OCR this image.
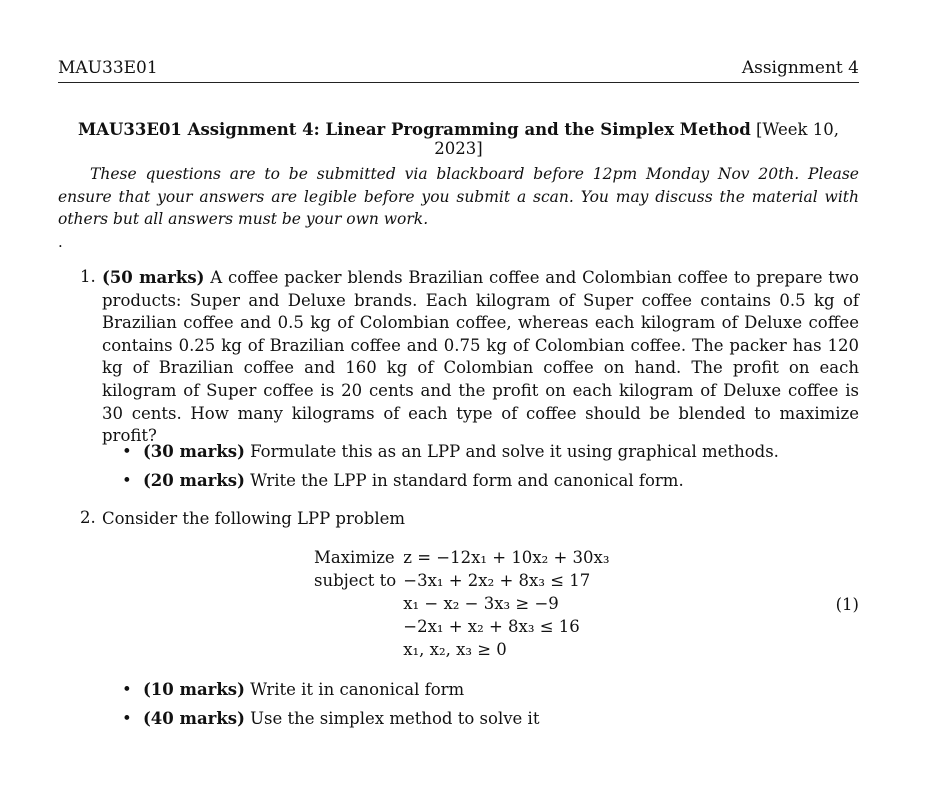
MAU33E01	Assignment 4
MAU33E01 Assignment 4: Linear Programming and the Simplex Method [Week 10, 2023]
These questions are to be submitted via blackboard before 12pm Monday Nov 20th. Please ensure that your answers are legible before you submit a scan. You may discuss the material with others but all answers must be your own work.
.
1. (50 marks) A coffee packer blends Brazilian coffee and Colombian coffee to prepare two products: Super and Deluxe brands. Each kilogram of Super coffee contains 0.5 kg of Brazilian coffee and 0.5 kg of Colombian coffee, whereas each kilogram of Deluxe coffee contains 0.25 kg of Brazilian coffee and 0.75 kg of Colombian coffee. The packer has 120 kg of Brazilian coffee and 160 kg of Colombian coffee on hand. The profit on each kilogram of Super coffee is 20 cents and the profit on each kilogram of Deluxe coffee is 30 cents. How many kilograms of each type of coffee should be blended to maximize profit?
• (30 marks) Formulate this as an LPP and solve it using graphical methods.
• (20 marks) Write the LPP in standard form and canonical form.
2. Consider the following LPP problem
Maximize z = −12x₁ + 10x₂ + 30x₃
subject to −3x₁ + 2x₂ + 8x₃ ≤ 17
x₁ − x₂ − 3x₃ ≥ −9
−2x₁ + x₂ + 8x₃ ≤ 16
x₁, x₂, x₃ ≥ 0
(1)
• (10 marks) Write it in canonical form
• (40 marks) Use the simplex method to solve it
